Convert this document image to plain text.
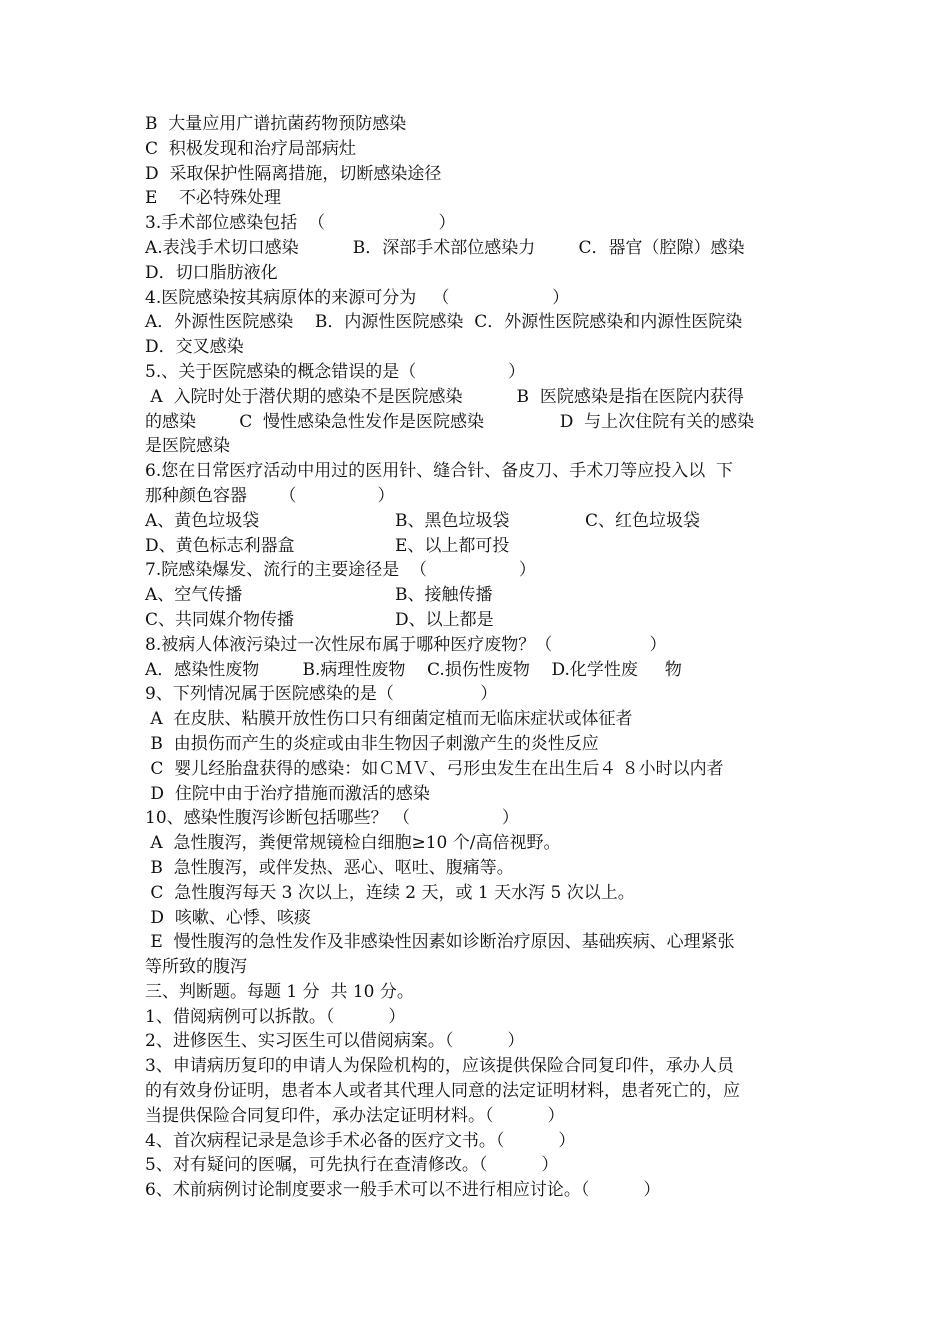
B  大量应用广谱抗菌药物预防感染
C  积极发现和治疗局部病灶
D  采取保护性隔离措施，切断感染途径
E    不必特殊处理
3.手术部位感染包括  （                     ）
A.表浅手术切口感染          B．深部手术部位感染力        C．器官（腔隙）感染
D．切口脂肪液化
4.医院感染按其病原体的来源可分为   （                   ）
A．外源性医院感染    B．内源性医院感染  C．外源性医院感染和内源性医院染
D．交叉感染
5.、关于医院感染的概念错误的是（                 ）
A  入院时处于潜伏期的感染不是医院感染          B  医院感染是指在医院内获得
的感染        C  慢性感染急性发作是医院感染              D  与上次住院有关的感染
是医院感染
6.您在日常医疗活动中用过的医用针、缝合针、备皮刀、手术刀等应投入以  下
那种颜色容器      （               ）
A、黄色垃圾袋	B、黑色垃圾袋	C、红色垃圾袋
D、黄色标志利器盒	E、以上都可投
7.院感染爆发、流行的主要途径是  （                 ）
A、空气传播	B、接触传播
C、共同媒介物传播	D、以上都是
8.被病人体液污染过一次性尿布属于哪种医疗废物？（                  ）
A．感染性废物        B.病理性废物    C.损伤性废物    D.化学性废     物
9、下列情况属于医院感染的是（                ）
A  在皮肤、粘膜开放性伤口只有细菌定植而无临床症状或体征者
B  由损伤而产生的炎症或由非生物因子刺激产生的炎性反应
C  婴儿经胎盘获得的感染：如ＣＭＶ、弓形虫发生在出生后４ ８小时以内者
D  住院中由于治疗措施而激活的感染
10、感染性腹泻诊断包括哪些？ （                 ）
A  急性腹泻，粪便常规镜检白细胞≥10 个/高倍视野。
B  急性腹泻，或伴发热、恶心、呕吐、腹痛等。
C  急性腹泻每天 3 次以上，连续 2 天，或 1 天水泻 5 次以上。
D  咳嗽、心悸、咳痰
E  慢性腹泻的急性发作及非感染性因素如诊断治疗原因、基础疾病、心理紧张
等所致的腹泻
三、判断题。每题 1 分  共 10 分。
1、借阅病例可以拆散。（          ）
2、进修医生、实习医生可以借阅病案。（          ）
3、申请病历复印的申请人为保险机构的，应该提供保险合同复印件，承办人员
的有效身份证明，患者本人或者其代理人同意的法定证明材料，患者死亡的，应
当提供保险合同复印件，承办法定证明材料。（          ）
4、首次病程记录是急诊手术必备的医疗文书。（          ）
5、对有疑问的医嘱，可先执行在查清修改。（          ）
6、术前病例讨论制度要求一般手术可以不进行相应讨论。（          ）
